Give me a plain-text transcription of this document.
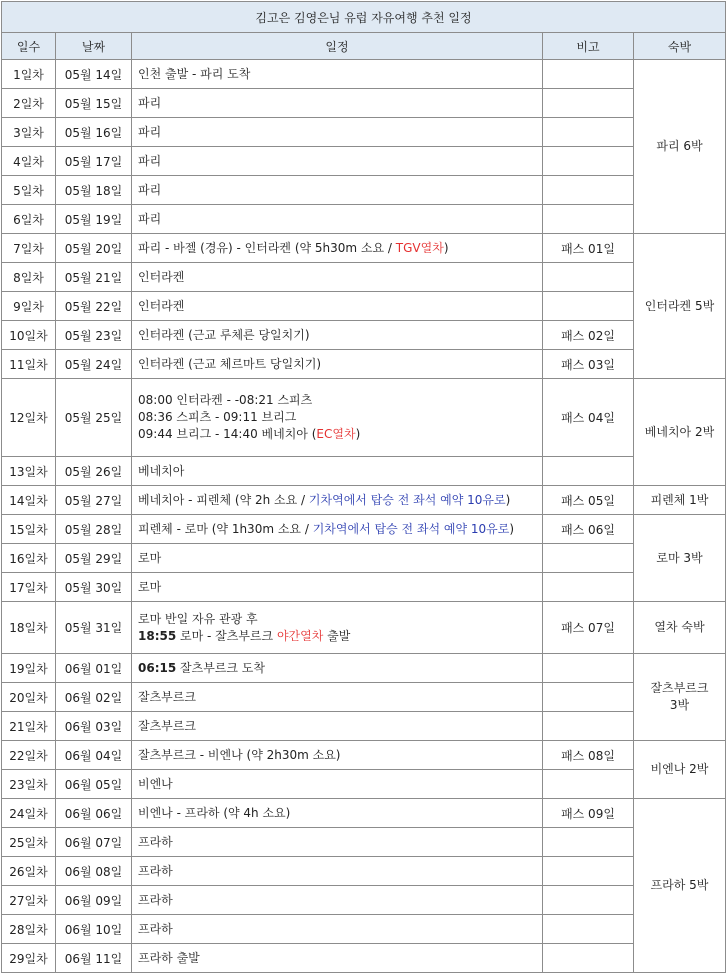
김고은 김영은님 유럽 자유여행 추천 일정				
일수	날짜	일정	비고	숙박
1일차	05월 14일	인천 출발 - 파리 도착		파리 6박

2일차	05월 15일	파리		

3일차	05월 16일	파리		

4일차	05월 17일	파리		

5일차	05월 18일	파리		

6일차	05월 19일	파리		

7일차	05월 20일	파리 - 바젤 (경유) - 인터라켄 (약 5h30m 소요 / TGV열차)	패스 01일	인터라켄 5박

8일차	05월 21일	인터라켄		

9일차	05월 22일	인터라켄		

10일차	05월 23일	인터라켄 (근교 루체른 당일치기)	패스 02일	
11일차	05월 24일	인터라켄 (근교 체르마트 당일치기)	패스 03일	
12일차	05월 25일	08:00 인터라켄 - -08:21 스피츠
08:36 스피츠 - 09:11 브리그
09:44 브리그 - 14:40 베네치아 (EC열차)	패스 04일	베네치아 2박

13일차	05월 26일	베네치아		

14일차	05월 27일	베네치아 - 피렌체 (약 2h 소요 / 기차역에서 탑승 전 좌석 예약 10유로)	패스 05일	피렌체 1박

15일차	05월 28일	피렌체 - 로마 (약 1h30m 소요 / 기차역에서 탑승 전 좌석 예약 10유로)	패스 06일	로마 3박

16일차	05월 29일	로마		

17일차	05월 30일	로마		

18일차	05월 31일	로마 반일 자유 관광 후
18:55 로마 - 잘츠부르크 야간열차 출발	패스 07일	열차 숙박

19일차	06월 01일	06:15 잘츠부르크 도착		잘츠부르크
3박

20일차	06월 02일	잘츠부르크		

21일차	06월 03일	잘츠부르크		

22일차	06월 04일	잘츠부르크 - 비엔나 (약 2h30m 소요)	패스 08일	비엔나 2박

23일차	06월 05일	비엔나		

24일차	06월 06일	비엔나 - 프라하 (약 4h 소요)	패스 09일	프라하 5박

25일차	06월 07일	프라하		

26일차	06월 08일	프라하		

27일차	06월 09일	프라하		

28일차	06월 10일	프라하		

29일차	06월 11일	프라하 출발		
